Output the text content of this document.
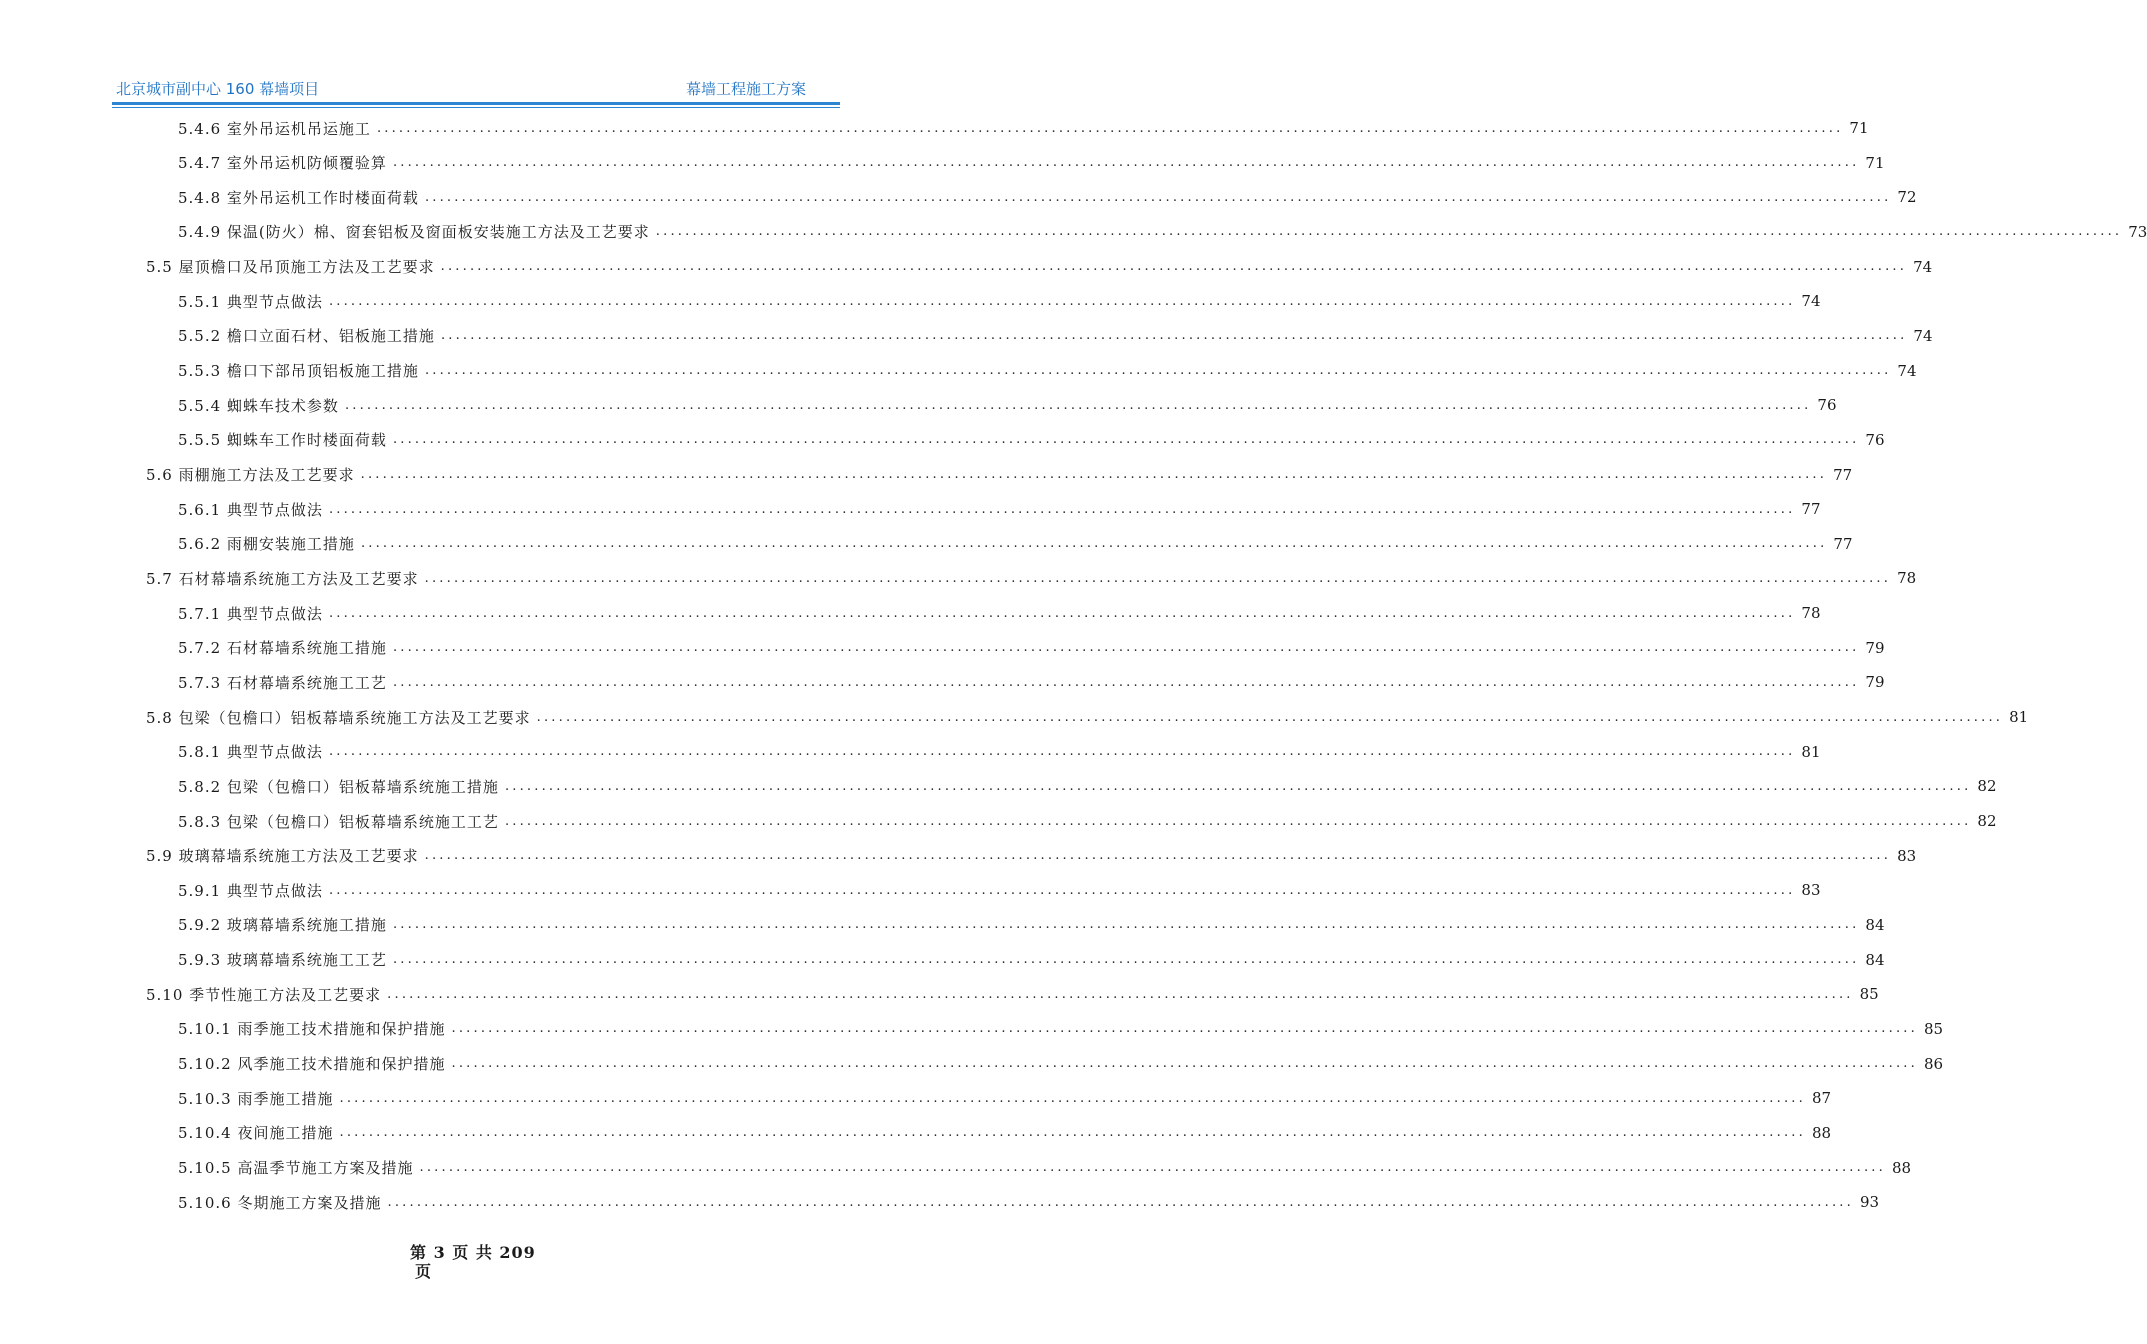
北京城市副中心 160 幕墙项目	幕墙工程施工方案
5.4.6 室外吊运机吊运施工 ........................................................................................................................................................................................................ 71
5.4.7 室外吊运机防倾覆验算 ........................................................................................................................................................................................................ 71
5.4.8 室外吊运机工作时楼面荷载 ........................................................................................................................................................................................................ 72
5.4.9 保温(防火）棉、窗套铝板及窗面板安装施工方法及工艺要求 ........................................................................................................................................................................................................ 73
5.5 屋顶檐口及吊顶施工方法及工艺要求 ........................................................................................................................................................................................................ 74
5.5.1 典型节点做法 ........................................................................................................................................................................................................ 74
5.5.2 檐口立面石材、铝板施工措施 ........................................................................................................................................................................................................ 74
5.5.3 檐口下部吊顶铝板施工措施 ........................................................................................................................................................................................................ 74
5.5.4 蜘蛛车技术参数 ........................................................................................................................................................................................................ 76
5.5.5 蜘蛛车工作时楼面荷载 ........................................................................................................................................................................................................ 76
5.6 雨棚施工方法及工艺要求 ........................................................................................................................................................................................................ 77
5.6.1 典型节点做法 ........................................................................................................................................................................................................ 77
5.6.2 雨棚安装施工措施 ........................................................................................................................................................................................................ 77
5.7 石材幕墙系统施工方法及工艺要求 ........................................................................................................................................................................................................ 78
5.7.1 典型节点做法 ........................................................................................................................................................................................................ 78
5.7.2 石材幕墙系统施工措施 ........................................................................................................................................................................................................ 79
5.7.3 石材幕墙系统施工工艺 ........................................................................................................................................................................................................ 79
5.8 包梁（包檐口）铝板幕墙系统施工方法及工艺要求 ........................................................................................................................................................................................................ 81
5.8.1 典型节点做法 ........................................................................................................................................................................................................ 81
5.8.2 包梁（包檐口）铝板幕墙系统施工措施 ........................................................................................................................................................................................................ 82
5.8.3 包梁（包檐口）铝板幕墙系统施工工艺 ........................................................................................................................................................................................................ 82
5.9 玻璃幕墙系统施工方法及工艺要求 ........................................................................................................................................................................................................ 83
5.9.1 典型节点做法 ........................................................................................................................................................................................................ 83
5.9.2 玻璃幕墙系统施工措施 ........................................................................................................................................................................................................ 84
5.9.3 玻璃幕墙系统施工工艺 ........................................................................................................................................................................................................ 84
5.10 季节性施工方法及工艺要求 ........................................................................................................................................................................................................ 85
5.10.1 雨季施工技术措施和保护措施 ........................................................................................................................................................................................................ 85
5.10.2 风季施工技术措施和保护措施 ........................................................................................................................................................................................................ 86
5.10.3 雨季施工措施 ........................................................................................................................................................................................................ 87
5.10.4 夜间施工措施 ........................................................................................................................................................................................................ 88
5.10.5 高温季节施工方案及措施 ........................................................................................................................................................................................................ 88
5.10.6 冬期施工方案及措施 ........................................................................................................................................................................................................ 93
第 3 页 共 209
页
